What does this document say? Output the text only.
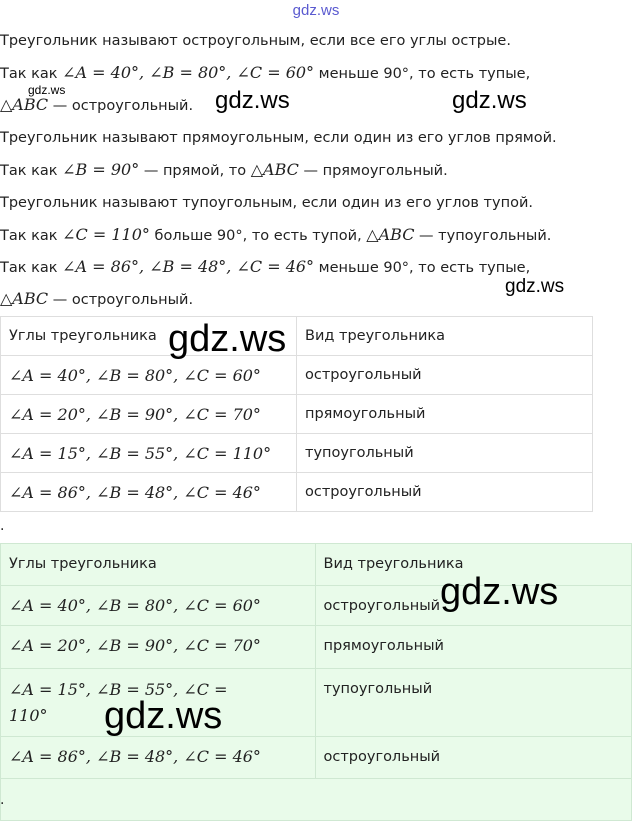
gdz.ws
Треугольник называют остроугольным, если все его углы острые.
Так как ∠A = 40°, ∠B = 80°, ∠C = 60° меньше 90°, то есть тупые,
△ABC — остроугольный.
Треугольник называют прямоугольным, если один из его углов прямой.
Так как ∠B = 90° — прямой, то △ABC — прямоугольный.
Треугольник называют тупоугольным, если один из его углов тупой.
Так как ∠C = 110° больше 90°, то есть тупой, △ABC — тупоугольный.
Так как ∠A = 86°, ∠B = 48°, ∠C = 46° меньше 90°, то есть тупые,
△ABC — остроугольный.
Углы треугольника	Вид треугольника
∠A = 40°, ∠B = 80°, ∠C = 60°	остроугольный
∠A = 20°, ∠B = 90°, ∠C = 70°	прямоугольный
∠A = 15°, ∠B = 55°, ∠C = 110°	тупоугольный
∠A = 86°, ∠B = 48°, ∠C = 46°	остроугольный
.
Углы треугольника	Вид треугольника
∠A = 40°, ∠B = 80°, ∠C = 60°	остроугольный
∠A = 20°, ∠B = 90°, ∠C = 70°	прямоугольный
∠A = 15°, ∠B = 55°, ∠C =
110°	тупоугольный
∠A = 86°, ∠B = 48°, ∠C = 46°	остроугольный

.
gdz.ws	gdz.ws	gdz.ws
gdz.ws
gdz.ws
gdz.ws
gdz.ws
